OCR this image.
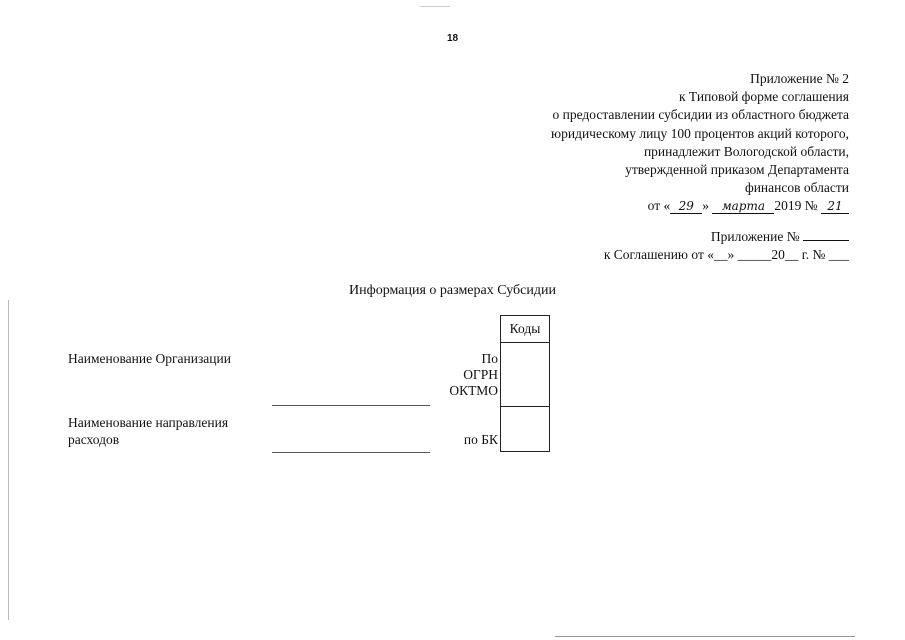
18
Приложение № 2
к Типовой форме соглашения
о предоставлении субсидии из областного бюджета
юридическому лицу 100 процентов акций которого,
принадлежит Вологодской области,
утвержденной приказом Департамента
финансов области
от « 29 » марта 2019 № 21
Приложение №
к Соглашению от «__» _____20__ г. № ___
Информация о размерах Субсидии
Коды
Наименование Организации	По
ОГРН
ОКТМО
Наименование направления
расходов	по БК
